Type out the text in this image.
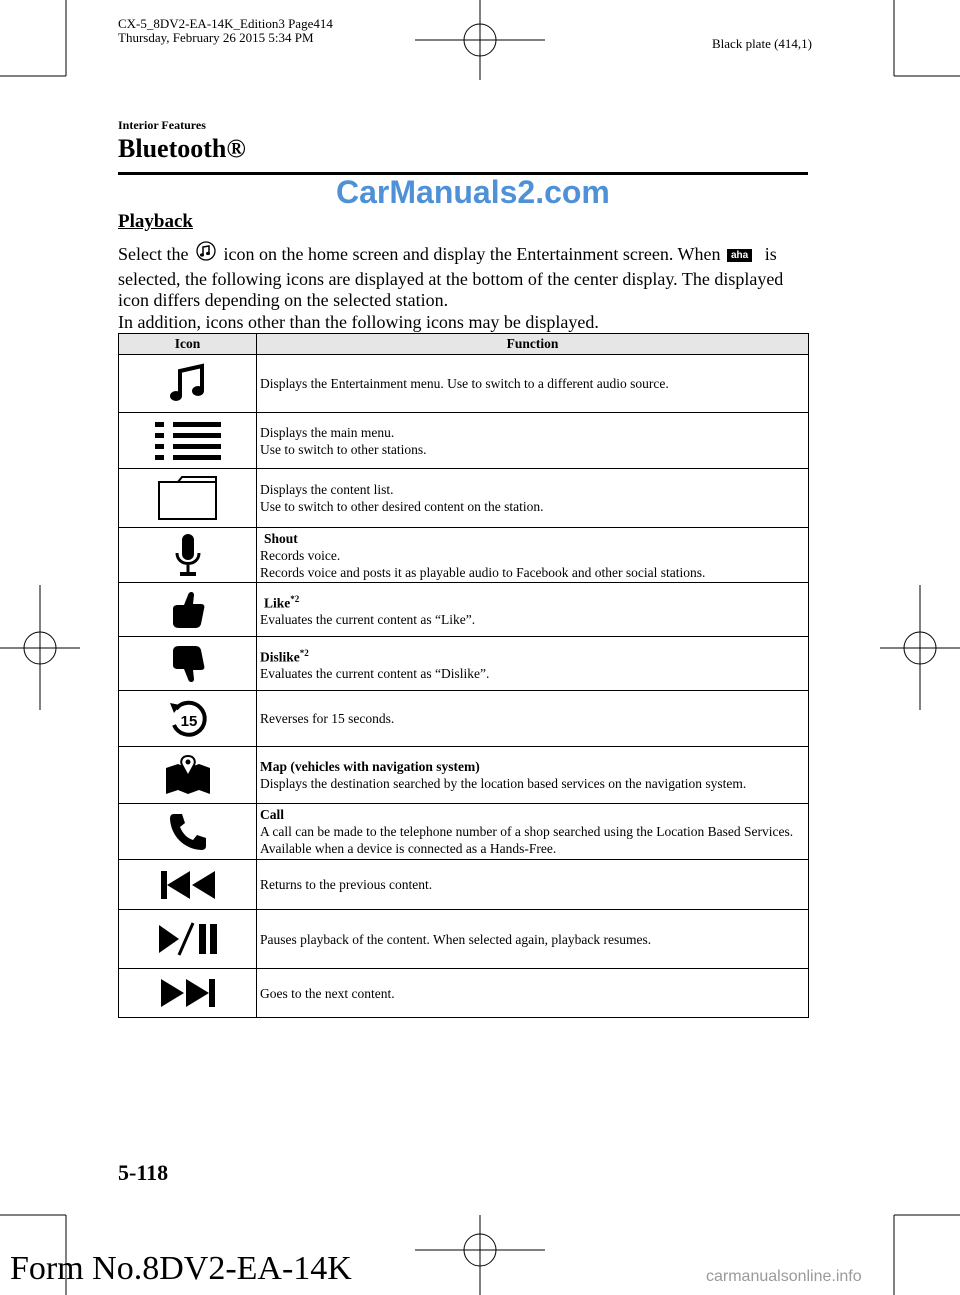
CX-5_8DV2-EA-14K_Edition3 Page414
Thursday, February 26 2015 5:34 PM	Black plate (414,1)
Interior Features
Bluetooth®
CarManuals2.com
Playback
Select the icon on the home screen and display the Entertainment screen. When aha is selected, the following icons are displayed at the bottom of the center display. The displayed icon differs depending on the selected station.
In addition, icons other than the following icons may be displayed.
Icon	Function

Displays the Entertainment menu. Use to switch to a different audio source.

Displays the main menu.
Use to switch to other stations.

Displays the content list.
Use to switch to other desired content on the station.

Shout
Records voice.
Records voice and posts it as playable audio to Facebook and other social stations.

Like$^{*2}$
Evaluates the current content as “Like”.

Dislike$^{*2}$
Evaluates the current content as “Dislike”.

15	Reverses for 15 seconds.

Map (vehicles with navigation system)
Displays the destination searched by the location based services on the navigation system.

Call
A call can be made to the telephone number of a shop searched using the Location Based Services. Available when a device is connected as a Hands-Free.

Returns to the previous content.

Pauses playback of the content. When selected again, playback resumes.

Goes to the next content.
5-118
Form No.8DV2-EA-14K	carmanualsonline.info
